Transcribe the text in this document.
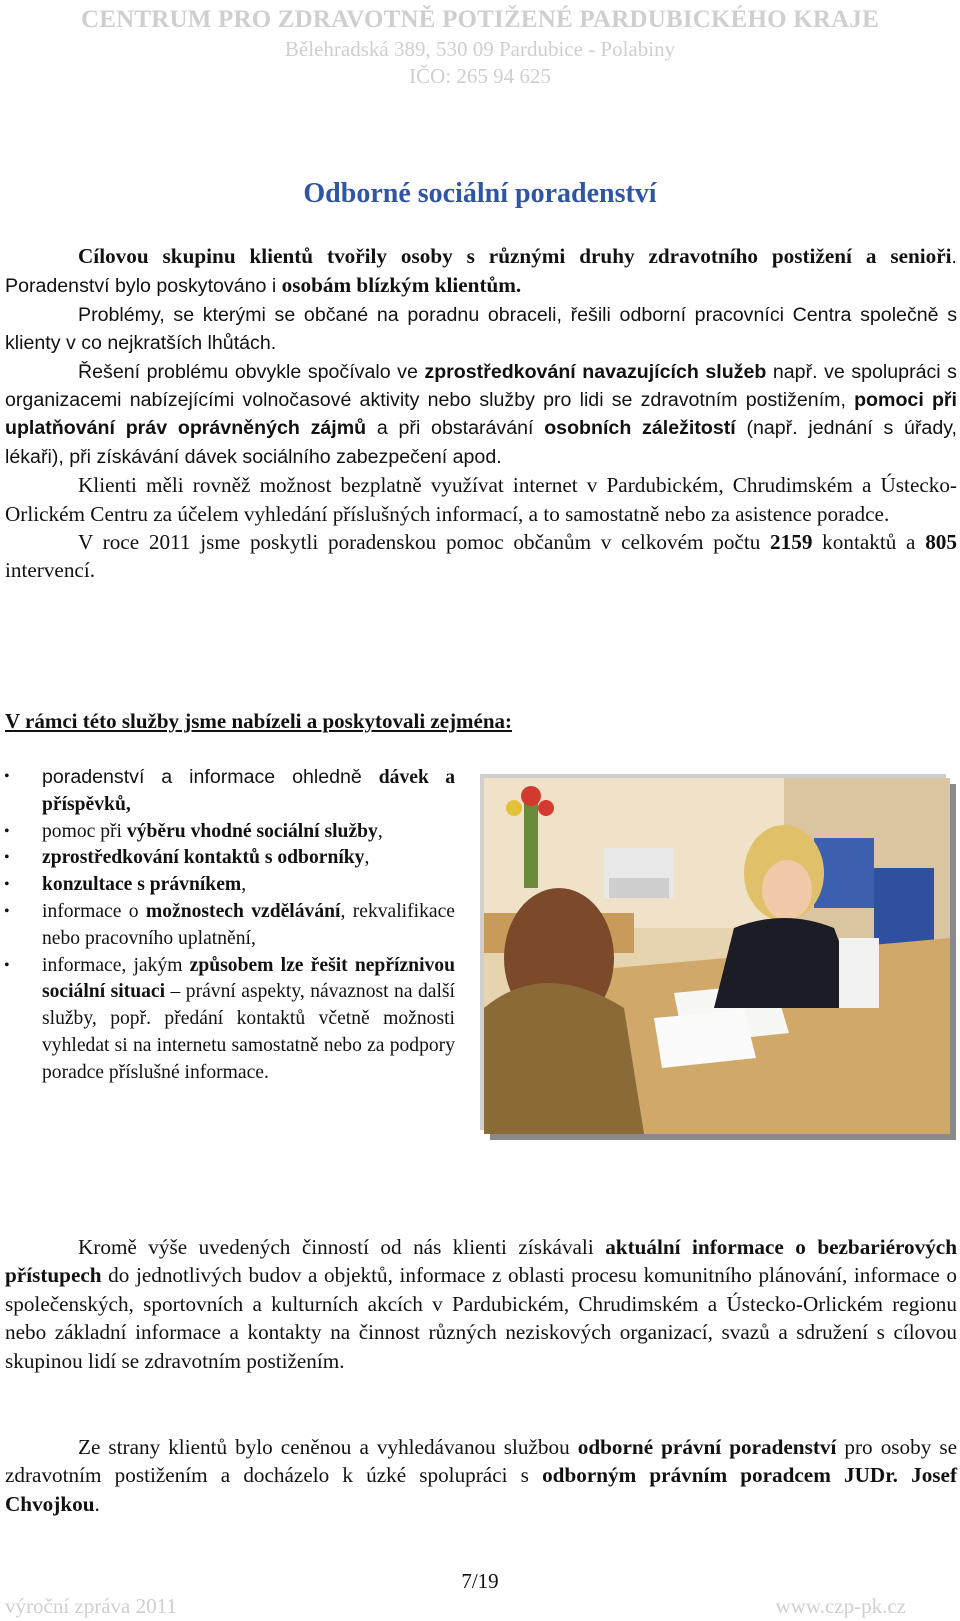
CENTRUM PRO ZDRAVOTNĚ POTIŽENÉ PARDUBICKÉHO KRAJE
Bělehradská 389, 530 09 Pardubice - Polabiny
IČO: 265 94 625
Odborné sociální poradenství

Cílovou skupinu klientů tvořily osoby s různými druhy zdravotního postižení a senioři. Poradenství bylo poskytováno i osobám blízkým klientům.

Problémy, se kterými se občané na poradnu obraceli, řešili odborní pracovníci Centra společně s klienty v co nejkratších lhůtách.

Řešení problému obvykle spočívalo ve zprostředkování navazujících služeb např. ve spolupráci s organizacemi nabízejícími volnočasové aktivity nebo služby pro lidi se zdravotním postižením, pomoci při uplatňování práv oprávněných zájmů a při obstarávání osobních záležitostí (např. jednání s úřady, lékaři), při získávání dávek sociálního zabezpečení apod.

Klienti měli rovněž možnost bezplatně využívat internet v Pardubickém, Chrudimském a Ústecko-Orlickém Centru za účelem vyhledání příslušných informací, a to samostatně nebo za asistence poradce.

V roce 2011 jsme poskytli poradenskou pomoc občanům v celkovém počtu 2159 kontaktů a 805 intervencí.

V rámci této služby jsme nabízeli a poskytovali zejména:
• poradenství a informace ohledně dávek a příspěvků,
• pomoc při výběru vhodné sociální služby,
• zprostředkování kontaktů s odborníky,
• konzultace s právníkem,
• informace o možnostech vzdělávání, rekvalifikace nebo pracovního uplatnění,
• informace, jakým způsobem lze řešit nepříznivou sociální situaci – právní aspekty, návaznost na další služby, popř. předání kontaktů včetně možnosti vyhledat si na internetu samostatně nebo za podpory poradce příslušné informace.

Kromě výše uvedených činností od nás klienti získávali aktuální informace o bezbariérových přístupech do jednotlivých budov a objektů, informace z oblasti procesu komunitního plánování, informace o společenských, sportovních a kulturních akcích v Pardubickém, Chrudimském a Ústecko-Orlickém regionu nebo základní informace a kontakty na činnost různých neziskových organizací, svazů a sdružení s cílovou skupinou lidí se zdravotním postižením.

Ze strany klientů bylo ceněnou a vyhledávanou službou odborné právní poradenství pro osoby se zdravotním postižením a docházelo k úzké spolupráci s odborným právním poradcem JUDr. Josef Chvojkou.

7/19
výroční zpráva 2011	www.czp-pk.cz
